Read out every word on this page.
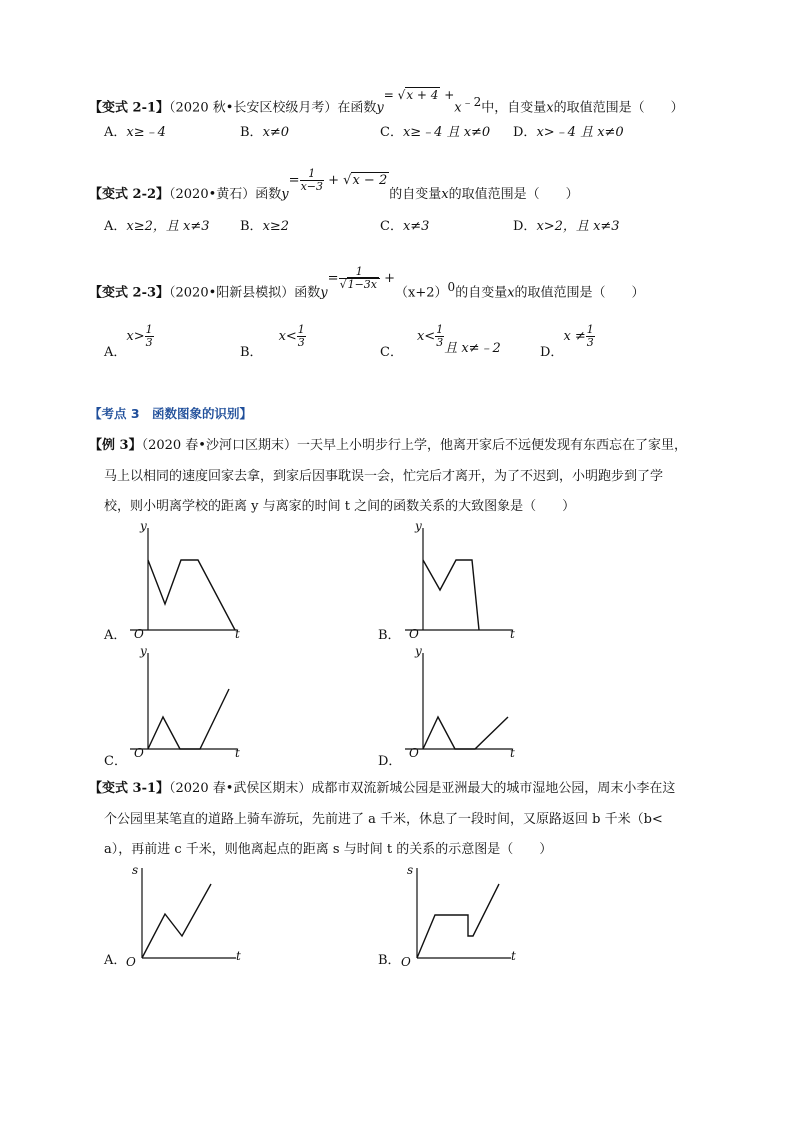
【变式 2-1】（2020 秋•长安区校级月考）在函数$y= √x + 4 +x^{﹣2}$中，自变量x的取值范围是（　　）
A．x≥﹣4	B．x≠0	C．x≥﹣4 且 x≠0 D．x>﹣4 且 x≠0
【变式 2-2】（2020•黄石）函数$y= \frac{1}{x-3} + √x - 2$的自变量x的取值范围是（　　）
A．x≥2，且 x≠3 B．x≥2	C．x≠3	D．x>2，且 x≠3
【变式 2-3】（2020•阳新县模拟）函数$y= \frac{1}{√1-3x} +(x+2)^0$的自变量x的取值范围是（　　）
A．$x> \frac{1}{3}$
B．$x< \frac{1}{3}$
C．$x< \frac{1}{3}$ 且 x≠﹣2	D．$x \ne \frac{1}{3}$
【考点 3　函数图象的识别】
【例 3】（2020 春•沙河口区期末）一天早上小明步行上学，他离开家后不远便发现有东西忘在了家里，
马上以相同的速度回家去拿，到家后因事耽误一会，忙完后才离开，为了不迟到，小明跑步到了学
校，则小明离学校的距离 y 与离家的时间 t 之间的函数关系的大致图象是（　　）
A．
y
O	t	B．
y
O	t
C．
y
O	t
D．
y
O	t
【变式 3-1】（2020 春•武侯区期末）成都市双流新城公园是亚洲最大的城市湿地公园，周末小李在这
个公园里某笔直的道路上骑车游玩，先前进了 a 千米，休息了一段时间，又原路返回 b 千米（b<
a），再前进 c 千米，则他离起点的距离 s 与时间 t 的关系的示意图是（　　）
A．
s
O	t	B．
s
O	t
